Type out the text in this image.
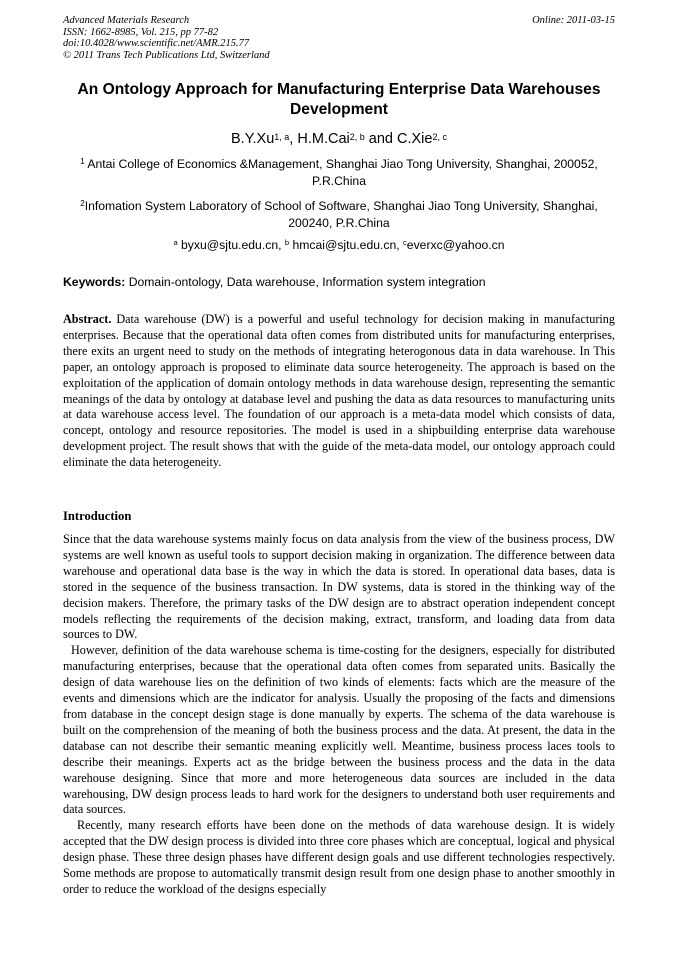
Advanced Materials Research
ISSN: 1662-8985, Vol. 215, pp 77-82
doi:10.4028/www.scientific.net/AMR.215.77
© 2011 Trans Tech Publications Ltd, Switzerland
Online: 2011-03-15
An Ontology Approach for Manufacturing Enterprise Data Warehouses Development
B.Y.Xu$^{1, a}$, H.M.Cai$^{2, b}$ and C.Xie$^{2, c}$
$^1$ Antai College of Economics &Management, Shanghai Jiao Tong University, Shanghai, 200052, P.R.China
$^2$Infomation System Laboratory of School of Software, Shanghai Jiao Tong University, Shanghai, 200240, P.R.China
$^a$ byxu@sjtu.edu.cn, $^b$ hmcai@sjtu.edu.cn, $^c$everxc@yahoo.cn
Keywords: Domain-ontology, Data warehouse, Information system integration
Abstract. Data warehouse (DW) is a powerful and useful technology for decision making in manufacturing enterprises. Because that the operational data often comes from distributed units for manufacturing enterprises, there exits an urgent need to study on the methods of integrating heterogonous data in data warehouse. In This paper, an ontology approach is proposed to eliminate data source heterogeneity. The approach is based on the exploitation of the application of domain ontology methods in data warehouse design, representing the semantic meanings of the data by ontology at database level and pushing the data as data resources to manufacturing units at data warehouse access level. The foundation of our approach is a meta-data model which consists of data, concept, ontology and resource repositories. The model is used in a shipbuilding enterprise data warehouse development project. The result shows that with the guide of the meta-data model, our ontology approach could eliminate the data heterogeneity.
Introduction

Since that the data warehouse systems mainly focus on data analysis from the view of the business process, DW systems are well known as useful tools to support decision making in organization. The difference between data warehouse and operational data base is the way in which the data is stored. In operational data bases, data is stored in the sequence of the business transaction. In DW systems, data is stored in the thinking way of the decision makers. Therefore, the primary tasks of the DW design are to abstract operation independent concept models reflecting the requirements of the decision making, extract, transform, and loading data from data sources to DW.

However, definition of the data warehouse schema is time-costing for the designers, especially for distributed manufacturing enterprises, because that the operational data often comes from separated units. Basically the design of data warehouse lies on the definition of two kinds of elements: facts which are the measure of the events and dimensions which are the indicator for analysis. Usually the proposing of the facts and dimensions from database in the concept design stage is done manually by experts. The schema of the data warehouse is built on the comprehension of the meaning of both the business process and the data. At present, the data in the database can not describe their semantic meaning explicitly well. Meantime, business process laces tools to describe their meanings. Experts act as the bridge between the business process and the data in the data warehouse designing. Since that more and more heterogeneous data sources are included in the data warehousing, DW design process leads to hard work for the designers to understand both user requirements and data sources.

Recently, many research efforts have been done on the methods of data warehouse design. It is widely accepted that the DW design process is divided into three core phases which are conceptual, logical and physical design phase. These three design phases have different design goals and use different technologies respectively. Some methods are propose to automatically transmit design result from one design phase to another smoothly in order to reduce the workload of the designs especially
